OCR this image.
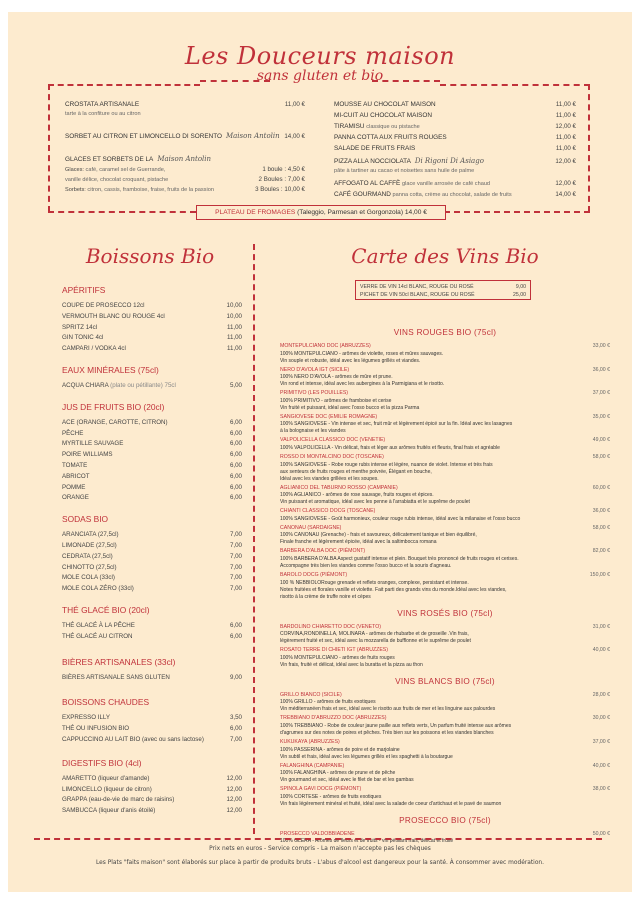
Les Douceurs maison
sans gluten et bio
CROSTATA ARTISANALE	11,00 €
tarte à la confiture ou au citron
SORBET AU CITRON ET LIMONCELLO DI SORENTO Maison Antolin 14,00 €
GLACES ET SORBETS DE LA Maison Antolin
Glaces: café, caramel sel de Guerrande,	1 boule : 4,50 €
vanille délice, chocolat croquant, pistache	2 Boules : 7,00 €
Sorbets: citron, cassis, framboise, fraise, fruits de la passion	3 Boules : 10,00 €
MOUSSE AU CHOCOLAT MAISON	11,00 €
MI-CUIT AU CHOCOLAT MAISON	11,00 €
TIRAMISU classique ou pistache	12,00 €
PANNA COTTA AUX FRUITS ROUGES	11,00 €
SALADE DE FRUITS FRAIS	11,00 €
PIZZA ALLA NOCCIOLATA Di Rigoni Di Asiago	12,00 €
pâte à tartiner au cacao et noisettes sans huile de palme
AFFOGATO AL CAFFÈ glace vanille arrosée de café chaud	12,00 €
CAFÉ GOURMAND panna cotta, crème au chocolat, salade de fruits	14,00 €
PLATEAU DE FROMAGES (Taleggio, Parmesan et Gorgonzola) 14,00 €
Boissons Bio
APÉRITIFS
COUPE DE PROSECCO 12cl	10,00
VERMOUTH BLANC OU ROUGE 4cl	10,00
SPRITZ 14cl	11,00
GIN TONIC 4cl	11,00
CAMPARI / VODKA 4cl	11,00
EAUX MINÉRALES (75cl)
ACQUA CHIARA (plate ou pétillante) 75cl	5,00
JUS DE FRUITS BIO (20cl)
ACE (ORANGE, CAROTTE, CITRON)	6,00
PÊCHE	6,00
MYRTILLE SAUVAGE	6,00
POIRE WILLIAMS	6,00
TOMATE	6,00
ABRICOT	6,00
POMME	6,00
ORANGE	6,00
SODAS BIO
ARANCIATA (27,5cl)	7,00
LIMONADE (27,5cl)	7,00
CEDRATA (27,5cl)	7,00
CHINOTTO (27,5cl)	7,00
MOLE COLA (33cl)	7,00
MOLE COLA ZÉRO (33cl)	7,00
THÉ GLACÉ BIO (20cl)
THÉ GLACÉ À LA PÊCHE	6,00
THÉ GLACÉ AU CITRON	6,00
BIÈRES ARTISANALES (33cl)
BIÈRES ARTISANALE SANS GLUTEN	9,00
BOISSONS CHAUDES
EXPRESSO ILLY	3,50
THÉ OU INFUSION BIO	6,00
CAPPUCCINO AU LAIT BIO (avec ou sans lactose)	7,00
DIGESTIFS BIO (4cl)
AMARETTO (liqueur d'amande)	12,00
LIMONCELLO (liqueur de citron)	12,00
GRAPPA (eau-de-vie de marc de raisins)	12,00
SAMBUCCA (liqueur d'anis étoilé)	12,00
Carte des Vins Bio
VERRE DE VIN 14cl BLANC, ROUGE OU ROSÉ	9,00
PICHET DE VIN 50cl BLANC, ROUGE OU ROSÉ	25,00
VINS ROUGES BIO (75cl)
MONTEPULCIANO DOC (ABRUZZES)	33,00 €
100% MONTEPULCIANO - arômes de violette, roses et mûres sauvages.
Vin souple et robuste, idéal avec les légumes grillés et viandes.
NERO D'AVOLA IGT (SICILE)	36,00 €
100% NERO D'AVOLA - arômes de mûre et prune.
Vin rond et intense, idéal avec les aubergines à la Parmigiana et le risotto.
PRIMITIVO (LES POUILLES)	37,00 €
100% PRIMITIVO - arômes de framboise et cerise
Vin fruité et puissant, idéal avec l'osso bucco et la pizza Parma
SANGIOVESE DOC (EMILIE ROMAGNE)	35,00 €
100% SANGIOVESE - Vin intense et sec, fruit mûr et légèrement épicé sur la fin. Idéal avec les lasagnes
à la bolognaise et les viandes
VALPOLICELLA CLASSICO DOC (VENETIE)	49,00 €
100% VALPOLICELLA - Vin délicat, frais et léger aux arômes fruités et fleuris, final frais et agréable
ROSSO DI MONTALCINO DOC (TOSCANE)	58,00 €
100% SANGIOVESE - Robe rouge rubis intense et légère, nuance de violet. Intense et très frais
aux senteurs de fruits rouges et menthe poivrée, Élégant en bouche,
Idéal avec les viandes grillées et les soupes.
AGLIANICO DEL TABURNO ROSSO (CAMPANIE)	60,00 €
100% AGLIANICO - arômes de rose sauvage, fruits rouges et épices.
Vin puissant et aromatique, idéal avec les penne à l'arrabiatta et le suprême de poulet
CHIANTI CLASSICO DOCG (TOSCANE)	36,00 €
100% SANGIOVESE - Goût harmonieux, couleur rouge rubis intense, idéal avec la milanaise et l'osso bucco
CANONAU (SARDAIGNE)	58,00 €
100% CANONAU (Grenache) - frais et savoureux, délicatement tanique et bien équilibré,
Finale franche et légèrement épicée, idéal avec la saltimbocca romana
BARBERA D'ALBA DOC (PIÉMONT)	82,00 €
100% BARBERA D'ALBA Aspect gustatif intense et plein. Bouquet très prononcé de fruits rouges et cerises.
Accompagne très bien les viandes comme l'osso bucco et la souris d'agneau.
BAROLO DOCG (PIÉMONT)	150,00 €
100 % NEBBIOLORouge grenade et reflets oranges, complexe, persistant et intense.
Notes fruitées et florales vanille et violette. Fait parti des grands vins du monde.Idéal avec les viandes,
risotto à la crème de truffe noire et cèpes
VINS ROSÉS BIO (75cl)
BARDOLINO CHIARETTO DOC (VENETO)	31,00 €
CORVINA,RONDINELLA, MOLINARA - arômes de rhubarbe et de groseille .Vin frais,
légèrement fruité et sec, idéal avec la mozzarella de bufflonne et le suprême de poulet
ROSATO TERRE DI CHIETI IGT (ABRUZZES)	40,00 €
100% MONTEPULCIANO - arômes de fruits rouges
Vin frais, fruité et délicat, idéal avec la buratta et la pizza au thon
VINS BLANCS BIO (75cl)
GRILLO BIANCO (SICILE)	28,00 €
100% GRILLO - arômes de fruits exotiques
Vin méditerranéen frais et sec, idéal avec le risotto aux fruits de mer et les linguine aux palourdes
TREBBIANO D'ABRUZZO DOC (ABRUZZES)	30,00 €
100% TREBBIANO - Robe de couleur jaune paille aux reflets verts, Un parfum fruité intense aux arômes
d'agrumes sur des notes de poires et pêches. Très bien sur les poissons et les viandes blanches
KUKUKAYA (ABRUZZES)	37,00 €
100% PASSERINA - arômes de poire et de marjolaine
Vin subtil et frais, idéal avec les légumes grillés et les spaghetti à la boutargue
FALANGHINA (CAMPANIE)	40,00 €
100% FALANGHINA - arômes de prune et de pêche
Vin gourmand et sec, idéal avec le filet de bar et les gambas
SPINOLA GAVI DOCG (PIÉMONT)	38,00 €
100% CORTESE - arômes de fruits exotiques
Vin frais légèrement minéral et fruité, idéal avec la salade de coeur d'artichaut et le pavé de saumon
PROSECCO BIO (75cl)
PROSECCO VALDOBBIADENE	50,00 €
100% GLERA - Arômes de fleurs et de fruits - vin pétillant frais, délicat et fruité
Prix nets en euros - Service compris - La maison n'accepte pas les chèques
Les Plats "faits maison" sont élaborés sur place à partir de produits bruts - L'abus d'alcool est dangereux pour la santé. À consommer avec modération.
